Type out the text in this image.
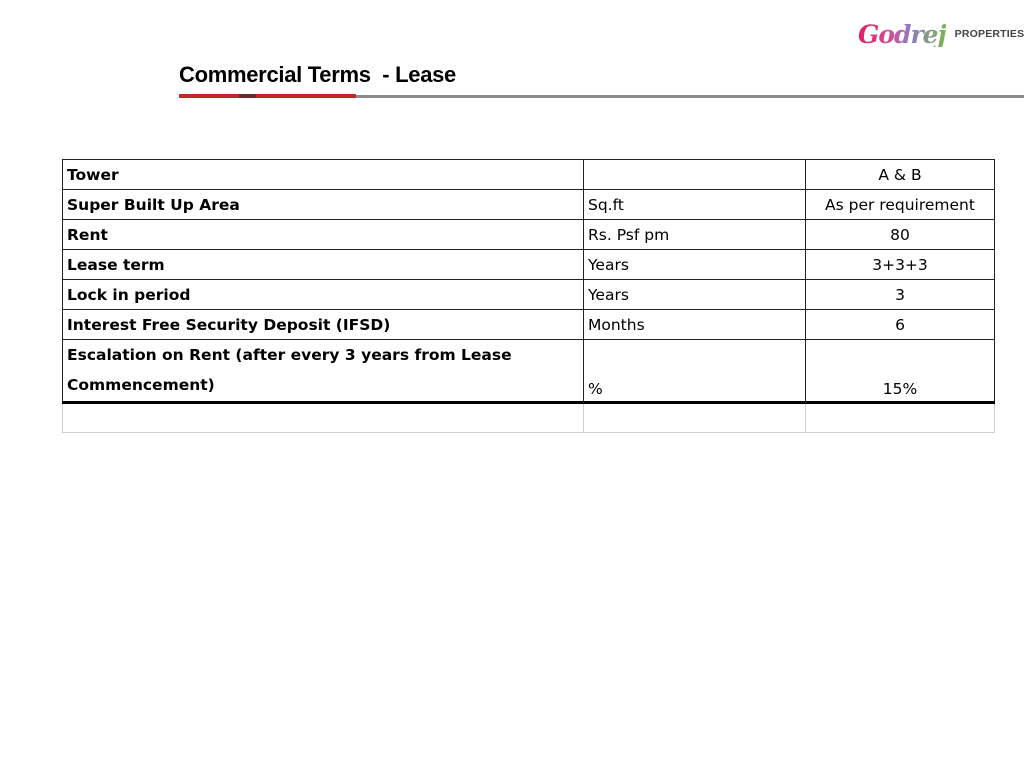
Godrej PROPERTIES
Commercial Terms  - Lease
Tower		A & B
Super Built Up Area	Sq.ft	As per requirement
Rent	Rs. Psf pm	80
Lease term	Years	3+3+3
Lock in period	Years	3
Interest Free Security Deposit (IFSD)	Months	6
Escalation on Rent (after every 3 years from Lease Commencement)	%	15%
